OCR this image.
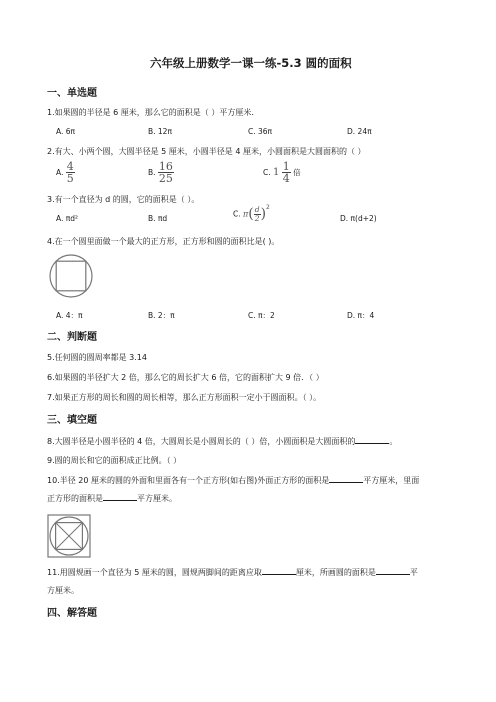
六年级上册数学一课一练-5.3 圆的面积
一、单选题
1.如果圆的半径是 6 厘米，那么它的面积是（ ）平方厘米.
A. 6π	B. 12π	C. 36π	D. 24π
2.有大、小两个圆，大圆半径是 5 厘米，小圆半径是 4 厘米，小圆面积是大圆面积的（ ）
A. $\frac{4}{5}$	B. $\frac{16}{25}$	C. $1 \frac{1}{4}$ 倍
3.有一个直径为 d 的圆，它的面积是（ ）。
A. πd²	B. πd	C. $\pi( \frac{d}{2} )^2$
D. π(d+2)
4.在一个圆里面做一个最大的正方形，正方形和圆的面积比是( )。
A. 4：π	B. 2：π	C. π：2	D. π：4
二、判断题
5.任何圆的圆周率都是 3.14
6.如果圆的半径扩大 2 倍，那么它的周长扩大 6 倍，它的面积扩大 9 倍．（ ）
7.如果正方形的周长和圆的周长相等，那么正方形面积一定小于圆面积。（ ）。
三、填空题
8.大圆半径是小圆半径的 4 倍，大圆周长是小圆周长的（ ）倍，小圆面积是大圆面积的	。
9.圆的周长和它的面积成正比例。（ ）
10.半径 20 厘米的圆的外面和里面各有一个正方形(如右图)外面正方形的面积是	平方厘米，里面
正方形的面积是	平方厘米。
11.用圆规画一个直径为 5 厘米的圆，圆规两脚间的距离应取	厘米，所画圆的面积是	平
方厘米。
四、解答题
